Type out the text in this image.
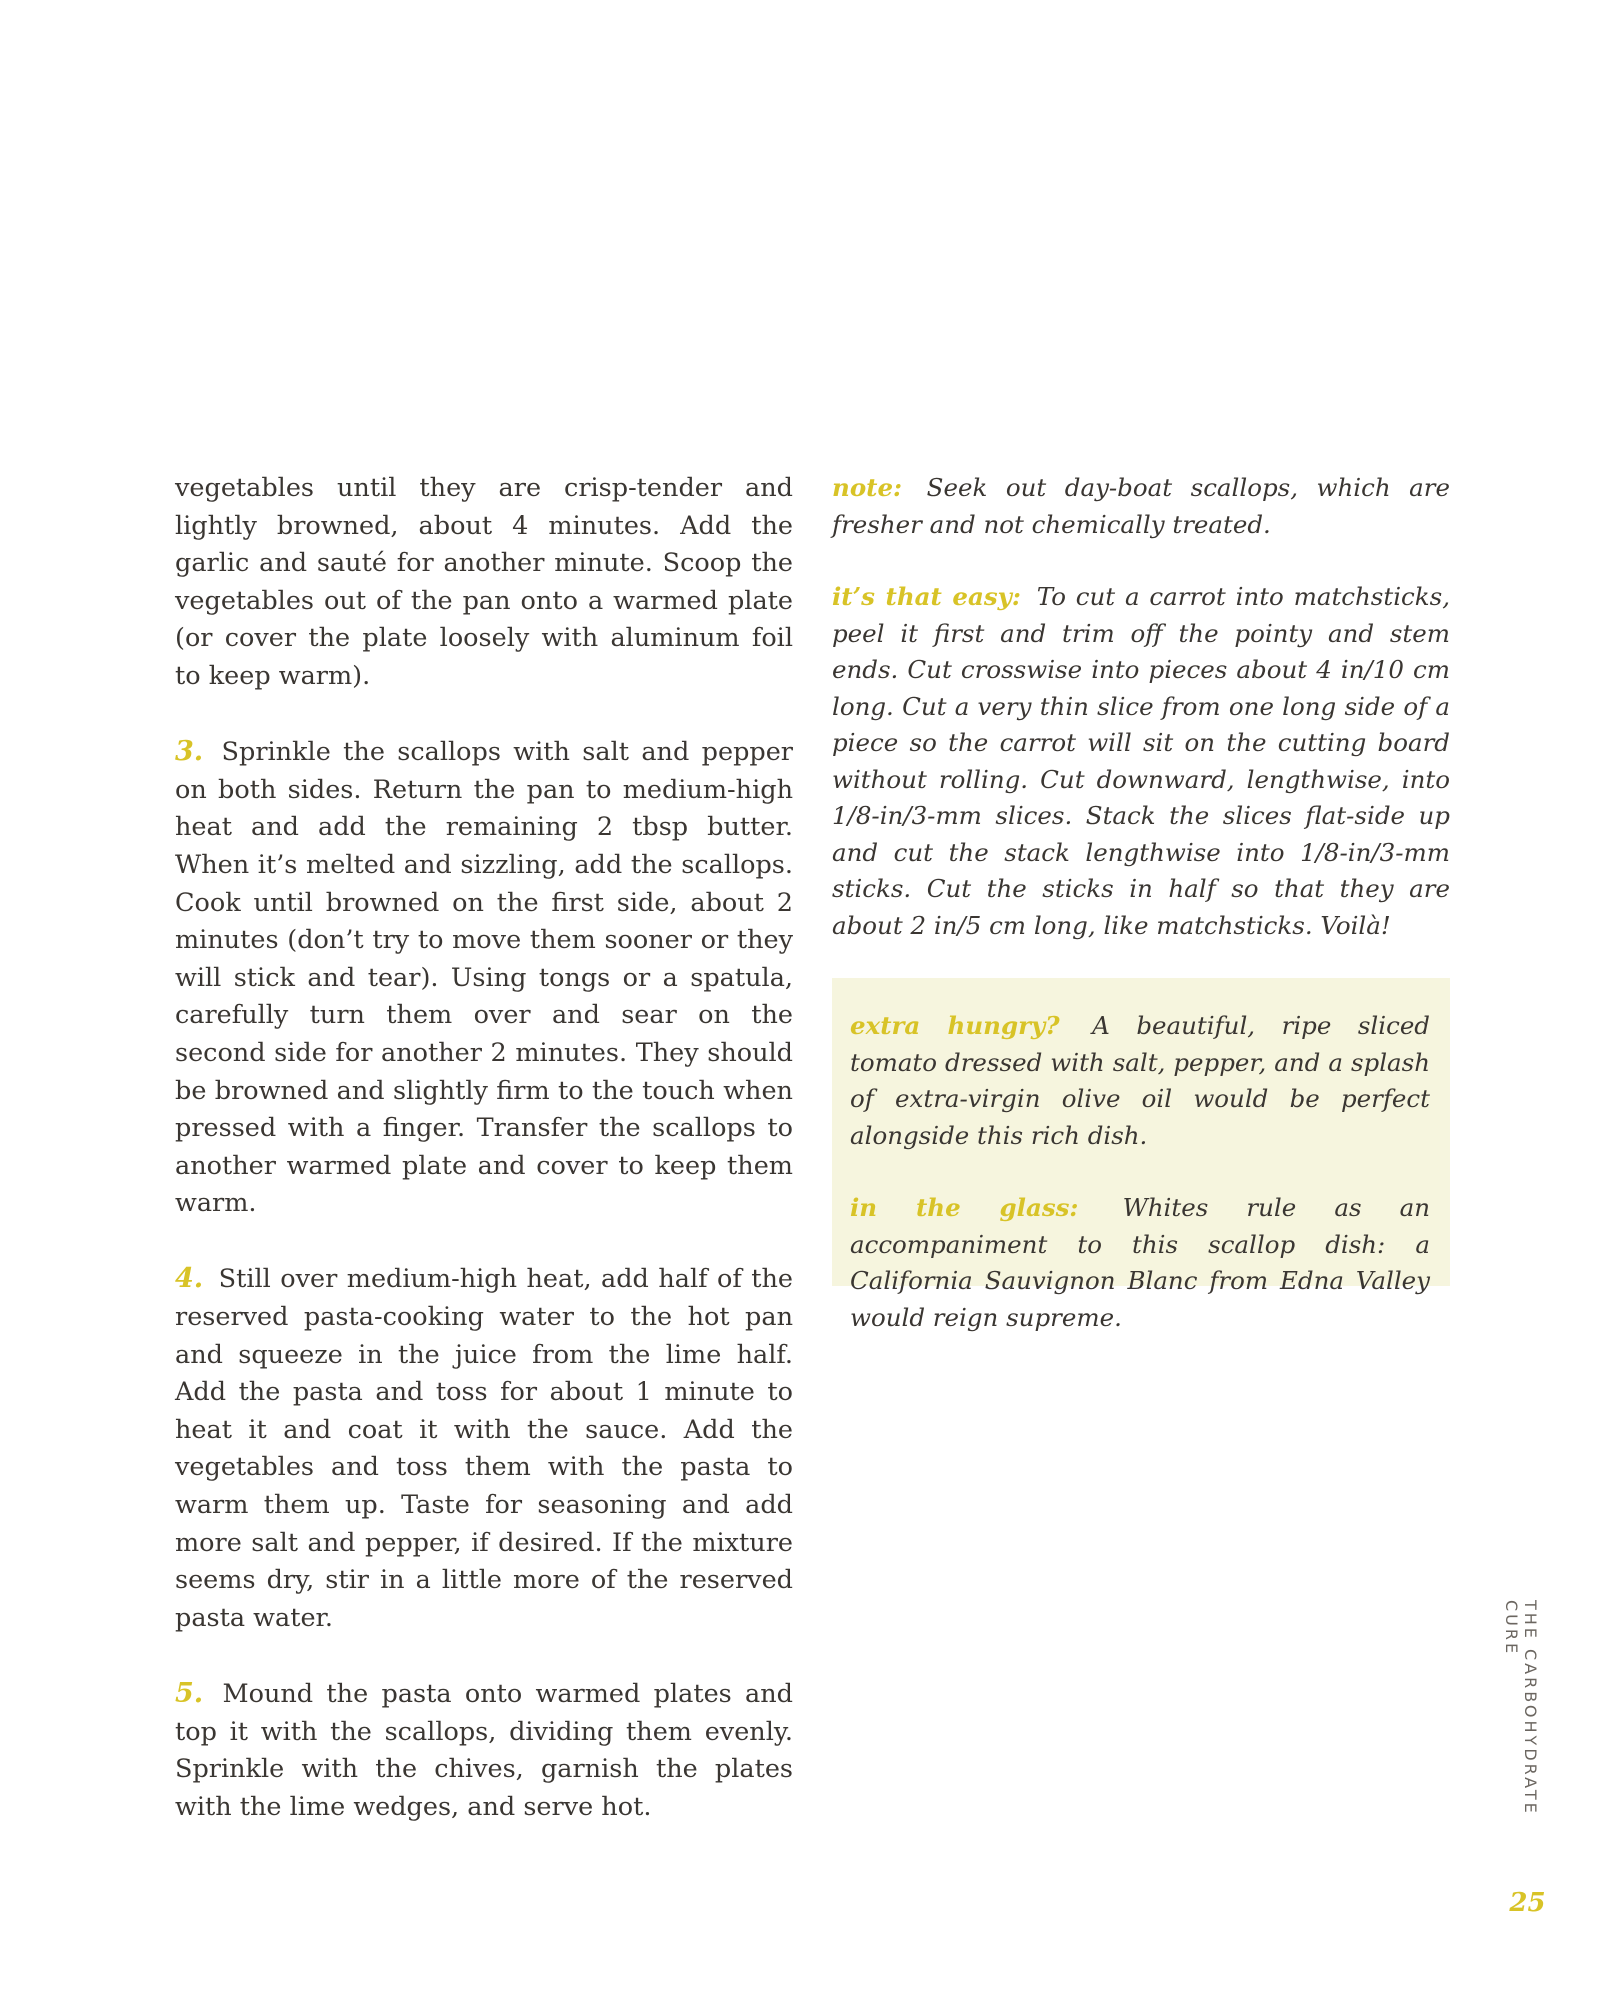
vegetables until they are crisp-tender and lightly browned, about 4 minutes. Add the garlic and sauté for another minute. Scoop the vegetables out of the pan onto a warmed plate (or cover the plate loosely with aluminum foil to keep warm).

3. Sprinkle the scallops with salt and pepper on both sides. Return the pan to medium-high heat and add the remaining 2 tbsp butter. When it’s melted and sizzling, add the scallops. Cook until browned on the first side, about 2 minutes (don’t try to move them sooner or they will stick and tear). Using tongs or a spatula, carefully turn them over and sear on the second side for another 2 minutes. They should be browned and slightly firm to the touch when pressed with a finger. Transfer the scallops to another warmed plate and cover to keep them warm.

4. Still over medium-high heat, add half of the reserved pasta-cooking water to the hot pan and squeeze in the juice from the lime half. Add the pasta and toss for about 1 minute to heat it and coat it with the sauce. Add the vegetables and toss them with the pasta to warm them up. Taste for seasoning and add more salt and pepper, if desired. If the mixture seems dry, stir in a little more of the reserved pasta water.

5. Mound the pasta onto warmed plates and top it with the scallops, dividing them evenly. Sprinkle with the chives, garnish the plates with the lime wedges, and serve hot.

note: Seek out day-boat scallops, which are fresher and not chemically treated.

it’s that easy: To cut a carrot into matchsticks, peel it first and trim off the pointy and stem ends. Cut crosswise into pieces about 4 in/10 cm long. Cut a very thin slice from one long side of a piece so the carrot will sit on the cutting board without rolling. Cut downward, lengthwise, into 1/8-in/3-mm slices. Stack the slices flat-side up and cut the stack lengthwise into 1/8-in/3-mm sticks. Cut the sticks in half so that they are about 2 in/5 cm long, like matchsticks. Voilà!

extra hungry? A beautiful, ripe sliced tomato dressed with salt, pepper, and a splash of extra-virgin olive oil would be perfect alongside this rich dish.

in the glass: Whites rule as an accompaniment to this scallop dish: a California Sauvignon Blanc from Edna Valley would reign supreme.

THE CARBOHYDRATE CURE
25
